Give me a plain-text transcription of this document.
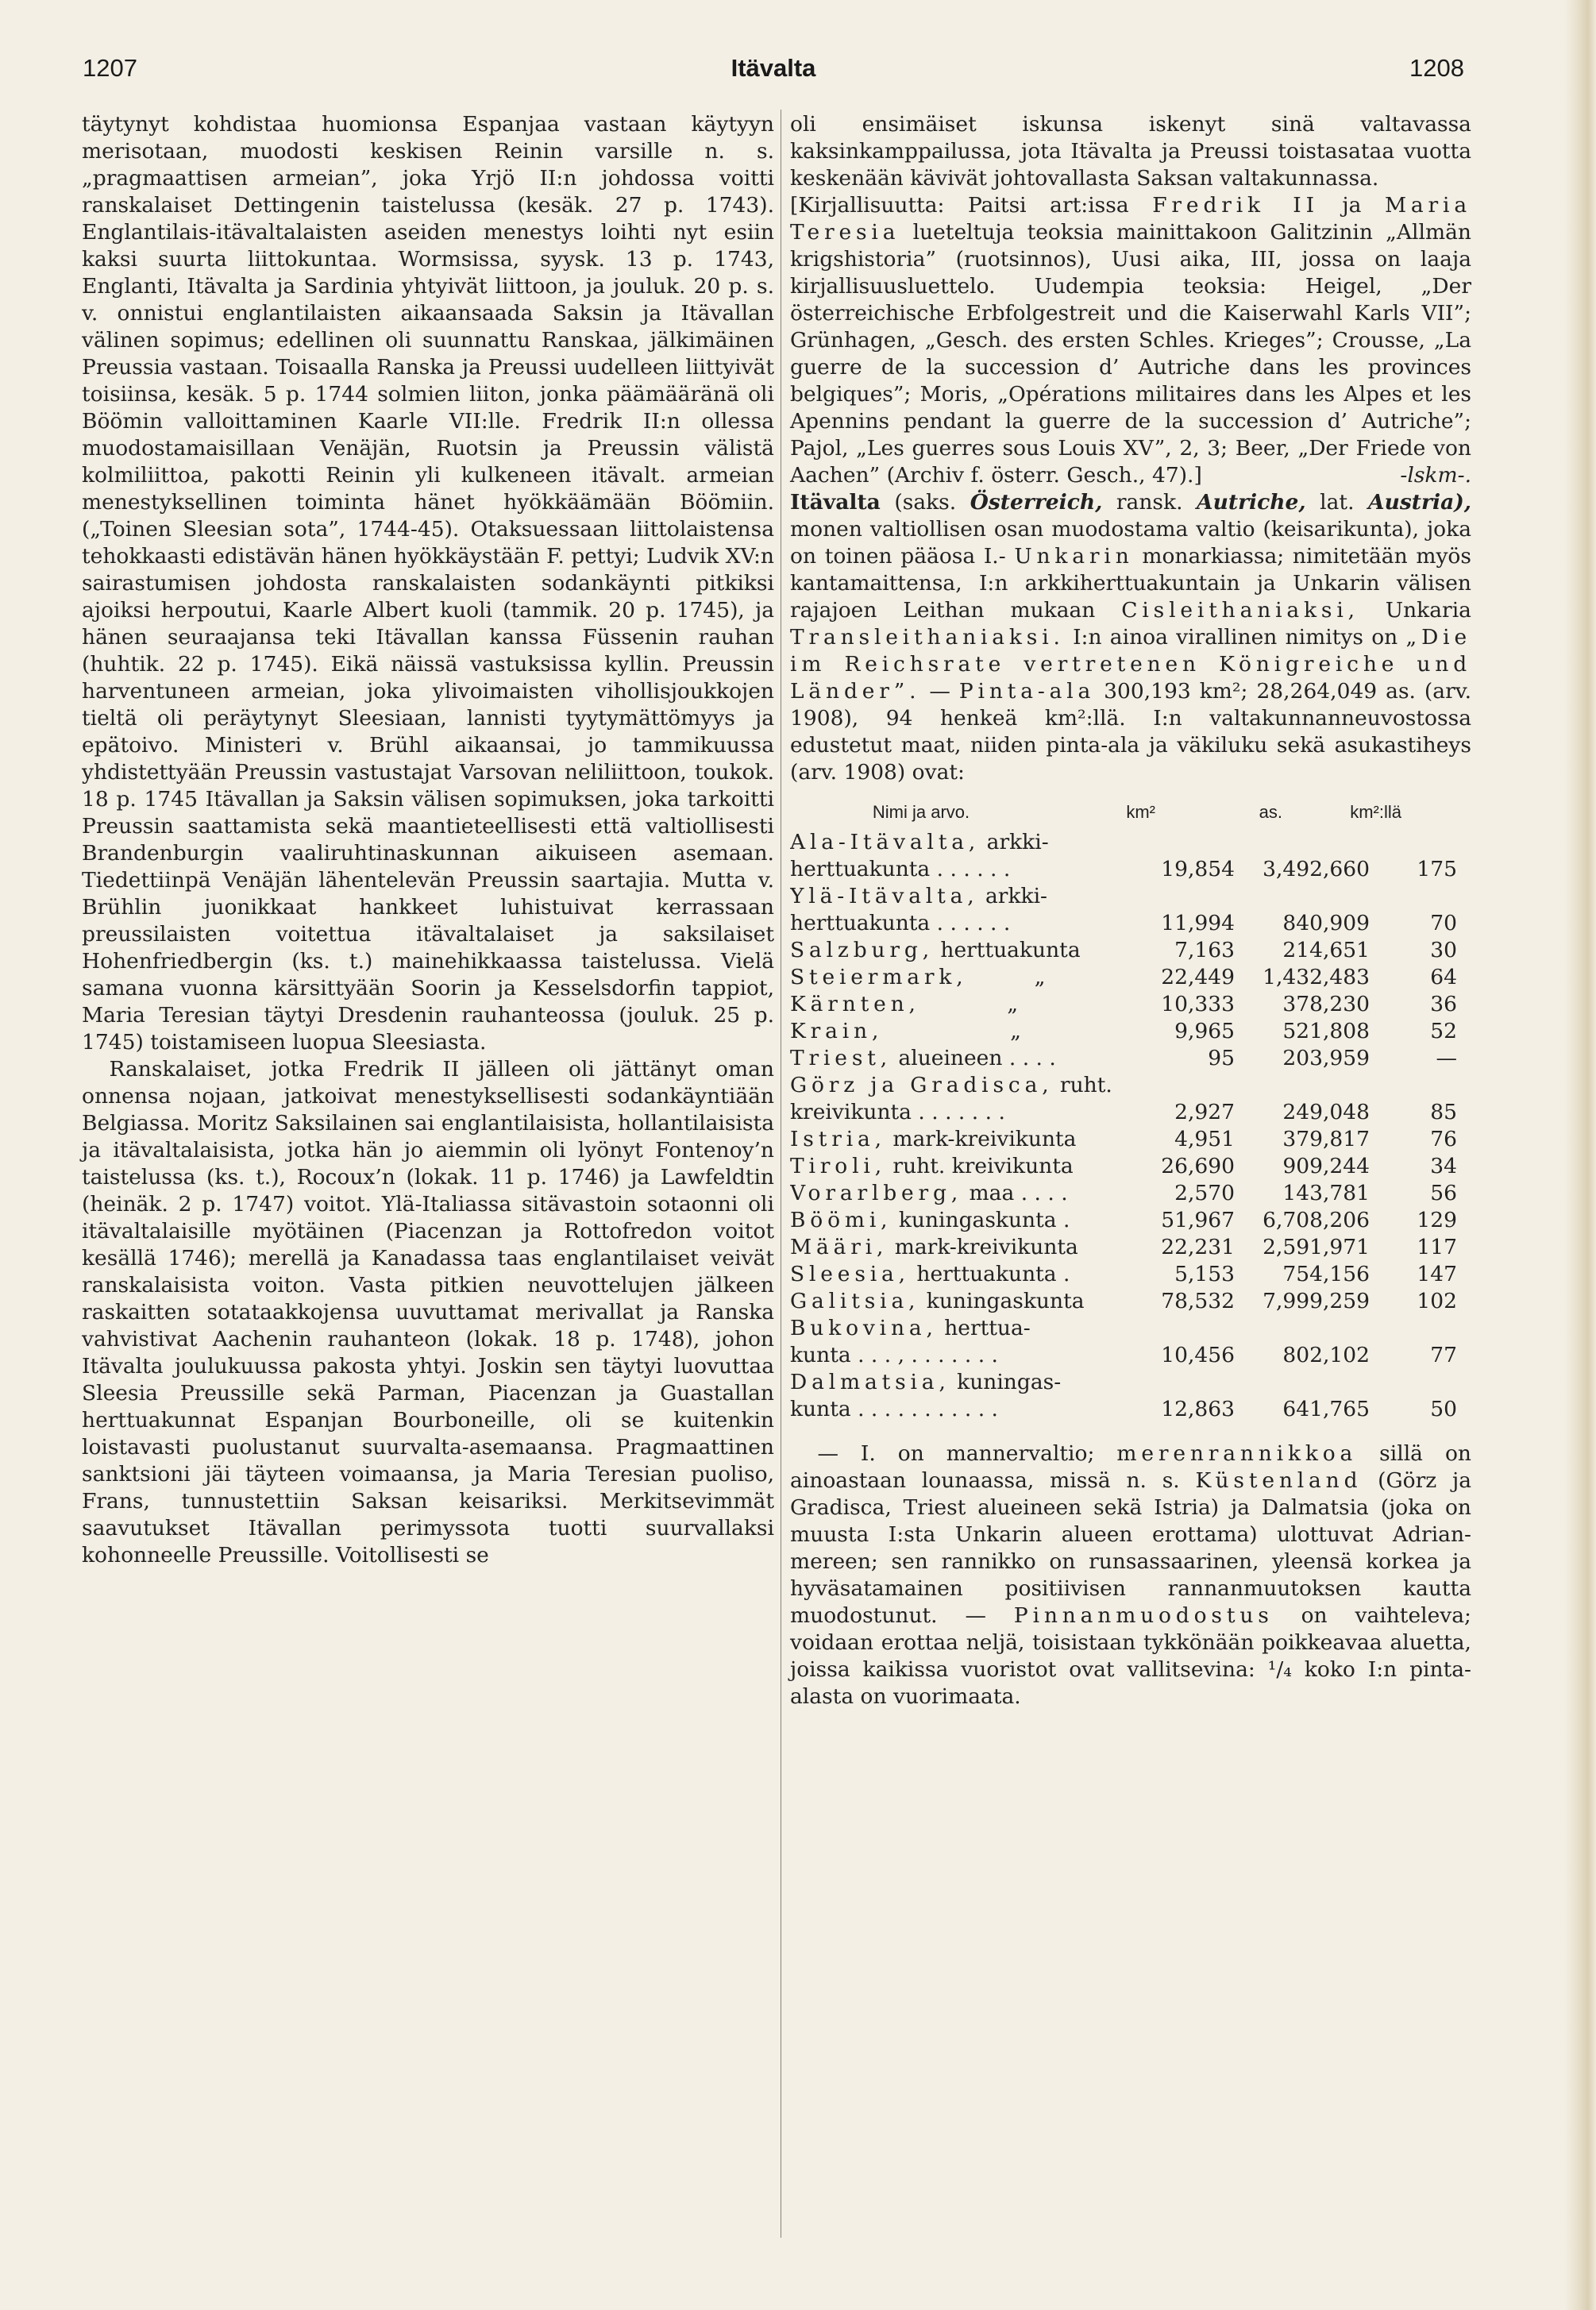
1207	Itävalta	1208

täytynyt kohdistaa huomionsa Espanjaa vastaan käytyyn merisotaan, muodosti keskisen Reinin varsille n. s. „pragmaattisen armeian”, joka Yrjö II:n johdossa voitti ranskalaiset Dettingenin taistelussa (kesäk. 27 p. 1743). Englantilais-itävaltalaisten aseiden menestys loihti nyt esiin kaksi suurta liittokuntaa. Wormsissa, syysk. 13 p. 1743, Englanti, Itävalta ja Sardinia yhtyivät liittoon, ja jouluk. 20 p. s. v. onnistui englantilaisten aikaansaada Saksin ja Itävallan välinen sopimus; edellinen oli suunnattu Ranskaa, jälkimäinen Preussia vastaan. Toisaalla Ranska ja Preussi uudelleen liittyivät toisiinsa, kesäk. 5 p. 1744 solmien liiton, jonka päämääränä oli Böömin valloittaminen Kaarle VII:lle. Fredrik II:n ollessa muodostamaisillaan Venäjän, Ruotsin ja Preussin välistä kolmiliittoa, pakotti Reinin yli kulkeneen itävalt. armeian menestyksellinen toiminta hänet hyökkäämään Böömiin. („Toinen Sleesian sota”, 1744-45). Otaksuessaan liittolaistensa tehokkaasti edistävän hänen hyökkäystään F. pettyi; Ludvik XV:n sairastumisen johdosta ranskalaisten sodankäynti pitkiksi ajoiksi herpoutui, Kaarle Albert kuoli (tammik. 20 p. 1745), ja hänen seuraajansa teki Itävallan kanssa Füssenin rauhan (huhtik. 22 p. 1745). Eikä näissä vastuksissa kyllin. Preussin harventuneen armeian, joka ylivoimaisten vihollisjoukkojen tieltä oli peräytynyt Sleesiaan, lannisti tyytymättömyys ja epätoivo. Ministeri v. Brühl aikaansai, jo tammikuussa yhdistettyään Preussin vastustajat Varsovan neliliittoon, toukok. 18 p. 1745 Itävallan ja Saksin välisen sopimuksen, joka tarkoitti Preussin saattamista sekä maantieteellisesti että valtiollisesti Brandenburgin vaaliruhtinaskunnan aikuiseen asemaan. Tiedettiinpä Venäjän lähentelevän Preussin saartajia. Mutta v. Brühlin juonikkaat hankkeet luhistuivat kerrassaan preussilaisten voitettua itävaltalaiset ja saksilaiset Hohenfriedbergin (ks. t.) mainehikkaassa taistelussa. Vielä samana vuonna kärsittyään Soorin ja Kesselsdorfin tappiot, Maria Teresian täytyi Dresdenin rauhanteossa (jouluk. 25 p. 1745) toistamiseen luopua Sleesiasta.

Ranskalaiset, jotka Fredrik II jälleen oli jättänyt oman onnensa nojaan, jatkoivat menestyksellisesti sodankäyntiään Belgiassa. Moritz Saksilainen sai englantilaisista, hollantilaisista ja itävaltalaisista, jotka hän jo aiemmin oli lyönyt Fontenoy’n taistelussa (ks. t.), Rocoux’n (lokak. 11 p. 1746) ja Lawfeldtin (heinäk. 2 p. 1747) voitot. Ylä-Italiassa sitävastoin sotaonni oli itävaltalaisille myötäinen (Piacenzan ja Rottofredon voitot kesällä 1746); merellä ja Kanadassa taas englantilaiset veivät ranskalaisista voiton. Vasta pitkien neuvottelujen jälkeen raskaitten sotataakkojensa uuvuttamat merivallat ja Ranska vahvistivat Aachenin rauhanteon (lokak. 18 p. 1748), johon Itävalta joulukuussa pakosta yhtyi. Joskin sen täytyi luovuttaa Sleesia Preussille sekä Parman, Piacenzan ja Guastallan herttuakunnat Espanjan Bourboneille, oli se kuitenkin loistavasti puolustanut suurvalta-asemaansa. Pragmaattinen sanktsioni jäi täyteen voimaansa, ja Maria Teresian puoliso, Frans, tunnustettiin Saksan keisariksi. Merkitsevimmät saavutukset Itävallan perimyssota tuotti suurvallaksi kohonneelle Preussille. Voitollisesti se

oli ensimäiset iskunsa iskenyt sinä valtavassa kaksinkamppailussa, jota Itävalta ja Preussi toistasataa vuotta keskenään kävivät johtovallasta Saksan valtakunnassa.

[Kirjallisuutta: Paitsi art:issa Fredrik II ja Maria Teresia lueteltuja teoksia mainittakoon Galitzinin „Allmän krigshistoria” (ruotsinnos), Uusi aika, III, jossa on laaja kirjallisuusluettelo. Uudempia teoksia: Heigel, „Der österreichische Erbfolgestreit und die Kaiserwahl Karls VII”; Grünhagen, „Gesch. des ersten Schles. Krieges”; Crousse, „La guerre de la succession d’ Autriche dans les provinces belgiques”; Moris, „Opérations militaires dans les Alpes et les Apennins pendant la guerre de la succession d’ Autriche”; Pajol, „Les guerres sous Louis XV”, 2, 3; Beer, „Der Friede von Aachen” (Archiv f. österr. Gesch., 47).]	-lskm-.

Itävalta (saks. Österreich, ransk. Autriche, lat. Austria), monen valtiollisen osan muodostama valtio (keisarikunta), joka on toinen pääosa I.- Unkarin monarkiassa; nimitetään myös kantamaittensa, I:n arkkiherttuakuntain ja Unkarin välisen rajajoen Leithan mukaan Cisleithaniaksi, Unkaria Transleithaniaksi. I:n ainoa virallinen nimitys on „Die im Reichsrate vertretenen Königreiche und Länder”. — Pinta-ala 300,193 km²; 28,264,049 as. (arv. 1908), 94 henkeä km²:llä. I:n valtakunnanneuvostossa edustetut maat, niiden pinta-ala ja väkiluku sekä asukastiheys (arv. 1908) ovat:

Nimi ja arvo.	km²	as.	km²:llä
Ala-Itävalta, arkki-
herttuakunta . . . . . .	19,854	3,492,660	175
Ylä-Itävalta, arkki-
herttuakunta . . . . . .	11,994	840,909	70
Salzburg, herttuakunta	7,163	214,651	30
Steiermark,	„	22,449	1,432,483	64
Kärnten,	„	10,333	378,230	36
Krain,	„	9,965	521,808	52
Triest, alueineen . . . .	95	203,959	—
Görz ja Gradisca, ruht.
kreivikunta . . . . . . .	2,927	249,048	85
Istria, mark-kreivikunta	4,951	379,817	76
Tiroli, ruht. kreivikunta	26,690	909,244	34
Vorarlberg, maa . . . .	2,570	143,781	56
Böömi, kuningaskunta .	51,967	6,708,206	129
Määri, mark-kreivikunta	22,231	2,591,971	117
Sleesia, herttuakunta .	5,153	754,156	147
Galitsia, kuningaskunta	78,532	7,999,259	102
Bukovina, herttua-
kunta . . . , . . . . . . .	10,456	802,102	77
Dalmatsia, kuningas-
kunta . . . . . . . . . . .	12,863	641,765	50

— I. on mannervaltio; merenrannikkoa sillä on ainoastaan lounaassa, missä n. s. Küstenland (Görz ja Gradisca, Triest alueineen sekä Istria) ja Dalmatsia (joka on muusta I:sta Unkarin alueen erottama) ulottuvat Adrian-mereen; sen rannikko on runsassaarinen, yleensä korkea ja hyväsatamainen positiivisen rannanmuutoksen kautta muodostunut. — Pinnanmuodostus on vaihteleva; voidaan erottaa neljä, toisistaan tykkönään poikkeavaa aluetta, joissa kaikissa vuoristot ovat vallitsevina: ¹/₄ koko I:n pinta-alasta on vuorimaata.
